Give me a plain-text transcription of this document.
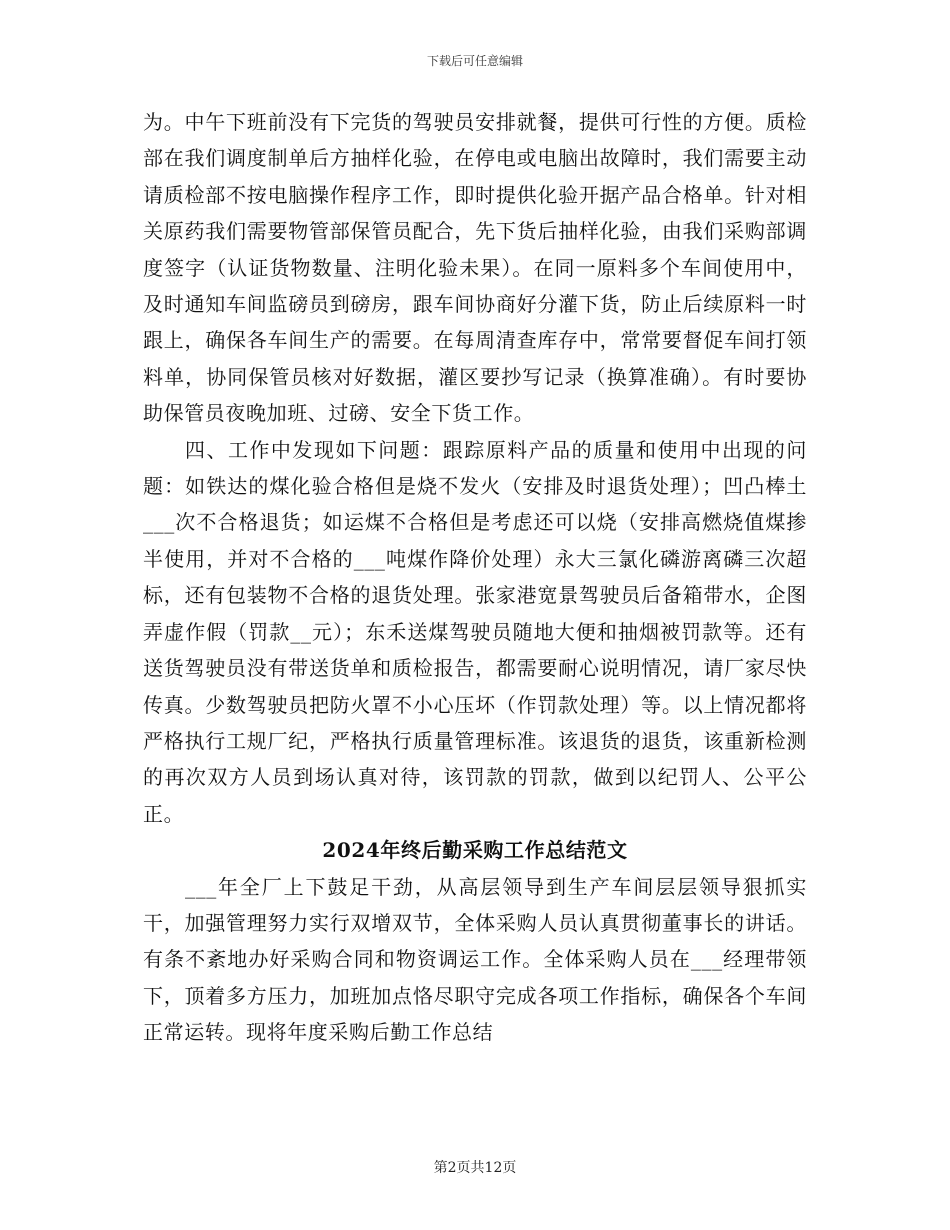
下载后可任意编辑

为。中午下班前没有下完货的驾驶员安排就餐，提供可行性的方便。质检部在我们调度制单后方抽样化验，在停电或电脑出故障时，我们需要主动请质检部不按电脑操作程序工作，即时提供化验开据产品合格单。针对相关原药我们需要物管部保管员配合，先下货后抽样化验，由我们采购部调度签字（认证货物数量、注明化验未果）。在同一原料多个车间使用中，及时通知车间监磅员到磅房，跟车间协商好分灌下货，防止后续原料一时跟上，确保各车间生产的需要。在每周清查库存中，常常要督促车间打领料单，协同保管员核对好数据，灌区要抄写记录（换算准确）。有时要协助保管员夜晚加班、过磅、安全下货工作。

四、工作中发现如下问题：跟踪原料产品的质量和使用中出现的问题：如铁达的煤化验合格但是烧不发火（安排及时退货处理）；凹凸棒土___次不合格退货；如运煤不合格但是考虑还可以烧（安排高燃烧值煤掺半使用，并对不合格的___吨煤作降价处理）永大三氯化磷游离磷三次超标，还有包装物不合格的退货处理。张家港宽景驾驶员后备箱带水，企图弄虚作假（罚款__元）；东禾送煤驾驶员随地大便和抽烟被罚款等。还有送货驾驶员没有带送货单和质检报告，都需要耐心说明情况，请厂家尽快传真。少数驾驶员把防火罩不小心压坏（作罚款处理）等。以上情况都将严格执行工规厂纪，严格执行质量管理标准。该退货的退货，该重新检测的再次双方人员到场认真对待，该罚款的罚款，做到以纪罚人、公平公正。

2024年终后勤采购工作总结范文

___年全厂上下鼓足干劲，从高层领导到生产车间层层领导狠抓实干，加强管理努力实行双增双节，全体采购人员认真贯彻董事长的讲话。有条不紊地办好采购合同和物资调运工作。全体采购人员在___经理带领下，顶着多方压力，加班加点恪尽职守完成各项工作指标，确保各个车间正常运转。现将年度采购后勤工作总结

第2页共12页
